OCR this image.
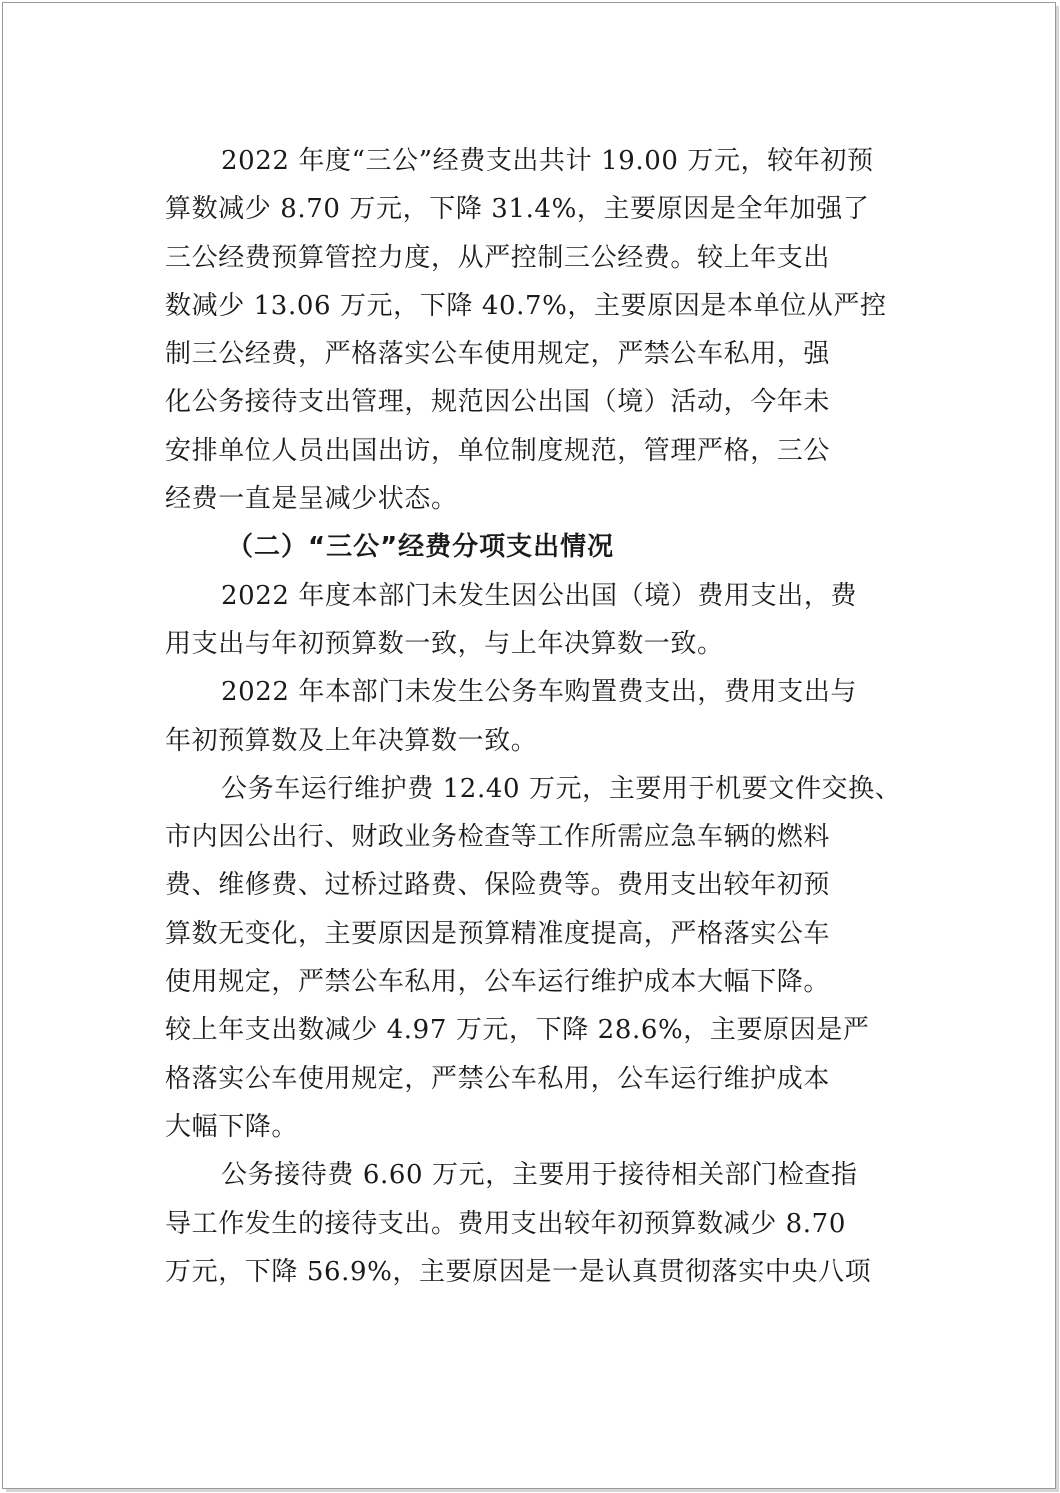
2022 年度“三公”经费支出共计 19.00 万元，较年初预
算数减少 8.70 万元，下降 31.4%，主要原因是全年加强了
三公经费预算管控力度，从严控制三公经费。较上年支出
数减少 13.06 万元，下降 40.7%，主要原因是本单位从严控
制三公经费，严格落实公车使用规定，严禁公车私用，强
化公务接待支出管理，规范因公出国（境）活动，今年未
安排单位人员出国出访，单位制度规范，管理严格，三公
经费一直是呈减少状态。
（二）“三公”经费分项支出情况
2022 年度本部门未发生因公出国（境）费用支出，费
用支出与年初预算数一致，与上年决算数一致。
2022 年本部门未发生公务车购置费支出，费用支出与
年初预算数及上年决算数一致。
公务车运行维护费 12.40 万元，主要用于机要文件交换、
市内因公出行、财政业务检查等工作所需应急车辆的燃料
费、维修费、过桥过路费、保险费等。费用支出较年初预
算数无变化，主要原因是预算精准度提高，严格落实公车
使用规定，严禁公车私用，公车运行维护成本大幅下降。
较上年支出数减少 4.97 万元，下降 28.6%，主要原因是严
格落实公车使用规定，严禁公车私用，公车运行维护成本
大幅下降。
公务接待费 6.60 万元，主要用于接待相关部门检查指
导工作发生的接待支出。费用支出较年初预算数减少 8.70
万元，下降 56.9%，主要原因是一是认真贯彻落实中央八项
